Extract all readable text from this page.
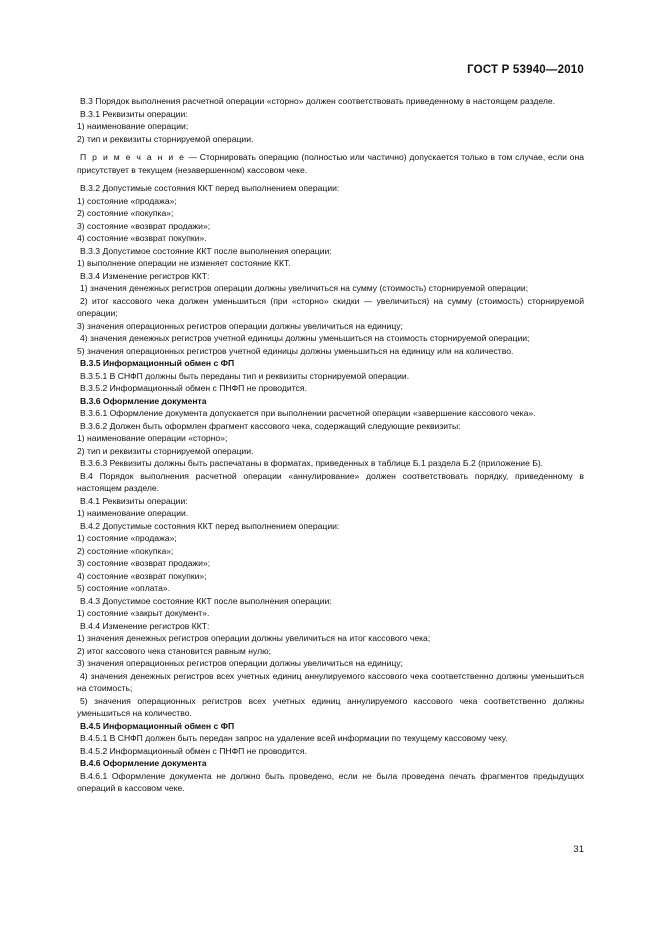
ГОСТ Р 53940—2010

В.3 Порядок выполнения расчетной операции «сторно» должен соответствовать приведенному в настоящем разделе.

В.3.1 Реквизиты операции:

1) наименование операции;

2) тип и реквизиты сторнируемой операции.

П р и м е ч а н и е — Сторнировать операцию (полностью или частично) допускается только в том случае, если она присутствует в текущем (незавершенном) кассовом чеке.

В.3.2 Допустимые состояния ККТ перед выполнением операции:

1) состояние «продажа»;

2) состояние «покупка»;

3) состояние «возврат продажи»;

4) состояние «возврат покупки».

В.3.3 Допустимое состояние ККТ после выполнения операции:

1) выполнение операции не изменяет состояние ККТ.

В.3.4 Изменение регистров ККТ:

1) значения денежных регистров операции должны увеличиться на сумму (стоимость) сторнируемой операции;

2) итог кассового чека должен уменьшиться (при «сторно» скидки — увеличиться) на сумму (стоимость) сторнируемой операции;

3) значения операционных регистров операции должны увеличиться на единицу;

4) значения денежных регистров учетной единицы должны уменьшиться на стоимость сторнируемой операции;

5) значения операционных регистров учетной единицы должны уменьшиться на единицу или на количество.

В.3.5 Информационный обмен с ФП

В.3.5.1 В СНФП должны быть переданы тип и реквизиты сторнируемой операции.

В.3.5.2 Информационный обмен с ПНФП не проводится.

В.3.6 Оформление документа

В.3.6.1 Оформление документа допускается при выполнении расчетной операции «завершение кассового чека».

В.3.6.2 Должен быть оформлен фрагмент кассового чека, содержащий следующие реквизиты:

1) наименование операции «сторно»;

2) тип и реквизиты сторнируемой операции.

В.3.6.3 Реквизиты должны быть распечатаны в форматах, приведенных в таблице Б.1 раздела Б.2 (приложение Б).

В.4 Порядок выполнения расчетной операции «аннулирование» должен соответствовать порядку, приведенному в настоящем разделе.

В.4.1 Реквизиты операции:

1) наименование операции.

В.4.2 Допустимые состояния ККТ перед выполнением операции:

1) состояние «продажа»;

2) состояние «покупка»;

3) состояние «возврат продажи»;

4) состояние «возврат покупки»;

5) состояние «оплата».

В.4.3 Допустимое состояние ККТ после выполнения операции:

1) состояние «закрыт документ».

В.4.4 Изменение регистров ККТ:

1) значения денежных регистров операции должны увеличиться на итог кассового чека;

2) итог кассового чека становится равным нулю;

3) значения операционных регистров операции должны увеличиться на единицу;

4) значения денежных регистров всех учетных единиц аннулируемого кассового чека соответственно должны уменьшиться на стоимость;

5) значения операционных регистров всех учетных единиц аннулируемого кассового чека соответственно должны уменьшиться на количество.

В.4.5 Информационный обмен с ФП

В.4.5.1 В СНФП должен быть передан запрос на удаление всей информации по текущему кассовому чеку.

В.4.5.2 Информационный обмен с ПНФП не проводится.

В.4.6 Оформление документа

В.4.6.1 Оформление документа не должно быть проведено, если не была проведена печать фрагментов предыдущих операций в кассовом чеке.

31
